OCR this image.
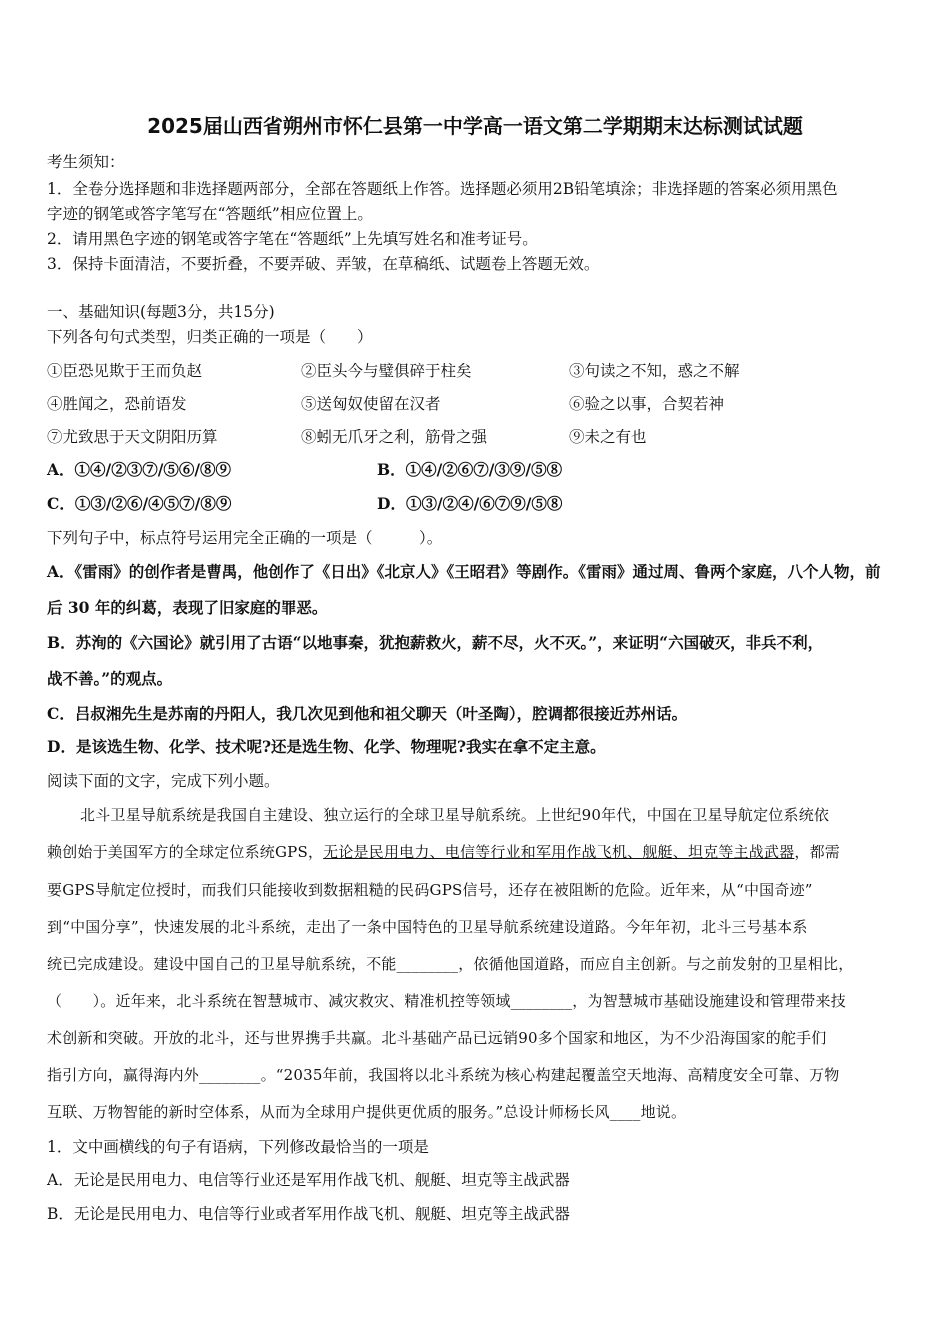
2025届山西省朔州市怀仁县第一中学高一语文第二学期期末达标测试试题
考生须知：
1．全卷分选择题和非选择题两部分，全部在答题纸上作答。选择题必须用2B铅笔填涂；非选择题的答案必须用黑色
字迹的钢笔或答字笔写在“答题纸”相应位置上。
2．请用黑色字迹的钢笔或答字笔在“答题纸”上先填写姓名和准考证号。
3．保持卡面清洁，不要折叠，不要弄破、弄皱，在草稿纸、试题卷上答题无效。
一、基础知识(每题3分，共15分)
下列各句句式类型，归类正确的一项是（　　）
①臣恐见欺于王而负赵	②臣头今与璧俱碎于柱矣	③句读之不知，惑之不解
④胜闻之，恐前语发	⑤送匈奴使留在汉者	⑥验之以事，合契若神
⑦尤致思于天文阴阳历算	⑧蚓无爪牙之利，筋骨之强	⑨未之有也
A．①④/②③⑦/⑤⑥/⑧⑨	B．①④/②⑥⑦/③⑨/⑤⑧
C．①③/②⑥/④⑤⑦/⑧⑨	D．①③/②④/⑥⑦⑨/⑤⑧
下列句子中，标点符号运用完全正确的一项是（　　　）。
A．《雷雨》的创作者是曹禺，他创作了《日出》《北京人》《王昭君》等剧作。《雷雨》通过周、鲁两个家庭，八个人物，前
后 30 年的纠葛，表现了旧家庭的罪恶。
B．苏洵的《六国论》就引用了古语“以地事秦，犹抱薪救火，薪不尽，火不灭。”，来证明“六国破灭，非兵不利，
战不善。”的观点。
C．吕叔湘先生是苏南的丹阳人，我几次见到他和祖父聊天（叶圣陶），腔调都很接近苏州话。
D．是该选生物、化学、技术呢?还是选生物、化学、物理呢?我实在拿不定主意。
阅读下面的文字，完成下列小题。
北斗卫星导航系统是我国自主建设、独立运行的全球卫星导航系统。上世纪90年代，中国在卫星导航定位系统依
赖创始于美国军方的全球定位系统GPS，无论是民用电力、电信等行业和军用作战飞机、舰艇、坦克等主战武器，都需
要GPS导航定位授时，而我们只能接收到数据粗糙的民码GPS信号，还存在被阻断的危险。近年来，从“中国奇迹”
到“中国分享”，快速发展的北斗系统，走出了一条中国特色的卫星导航系统建设道路。今年年初，北斗三号基本系
统已完成建设。建设中国自己的卫星导航系统，不能________，依循他国道路，而应自主创新。与之前发射的卫星相比，
（　　）。近年来，北斗系统在智慧城市、减灾救灾、精准机控等领域________，为智慧城市基础设施建设和管理带来技
术创新和突破。开放的北斗，还与世界携手共赢。北斗基础产品已远销90多个国家和地区，为不少沿海国家的舵手们
指引方向，赢得海内外________。“2035年前，我国将以北斗系统为核心构建起覆盖空天地海、高精度安全可靠、万物
互联、万物智能的新时空体系，从而为全球用户提供更优质的服务。”总设计师杨长风____地说。
1．文中画横线的句子有语病，下列修改最恰当的一项是
A．无论是民用电力、电信等行业还是军用作战飞机、舰艇、坦克等主战武器
B．无论是民用电力、电信等行业或者军用作战飞机、舰艇、坦克等主战武器
